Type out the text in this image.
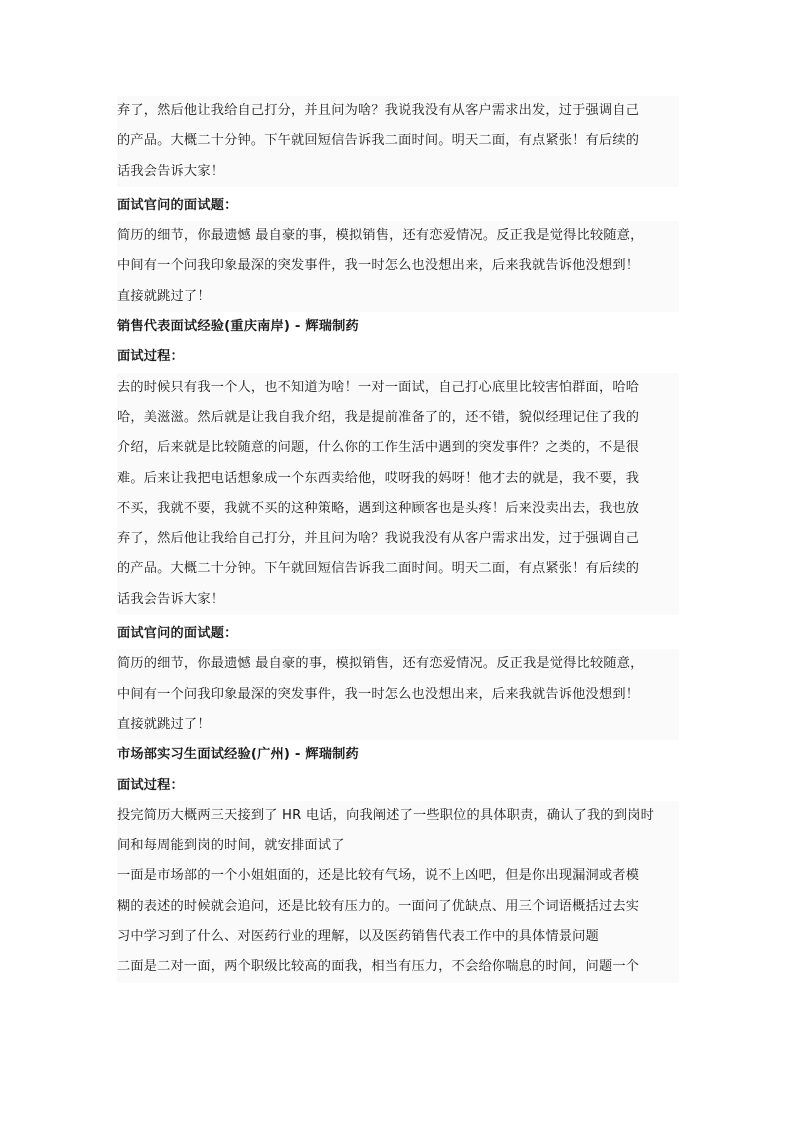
弃了，然后他让我给自己打分，并且问为啥？我说我没有从客户需求出发，过于强调自己
的产品。大概二十分钟。下午就回短信告诉我二面时间。明天二面，有点紧张！有后续的
话我会告诉大家！
面试官问的面试题：
简历的细节，你最遗憾 最自豪的事，模拟销售，还有恋爱情况。反正我是觉得比较随意，
中间有一个问我印象最深的突发事件，我一时怎么也没想出来，后来我就告诉他没想到！
直接就跳过了！
销售代表面试经验(重庆南岸) - 辉瑞制药
面试过程：
去的时候只有我一个人，也不知道为啥！一对一面试，自己打心底里比较害怕群面，哈哈
哈，美滋滋。然后就是让我自我介绍，我是提前准备了的，还不错，貌似经理记住了我的
介绍，后来就是比较随意的问题，什么你的工作生活中遇到的突发事件？之类的，不是很
难。后来让我把电话想象成一个东西卖给他，哎呀我的妈呀！他才去的就是，我不要，我
不买，我就不要，我就不买的这种策略，遇到这种顾客也是头疼！后来没卖出去，我也放
弃了，然后他让我给自己打分，并且问为啥？我说我没有从客户需求出发，过于强调自己
的产品。大概二十分钟。下午就回短信告诉我二面时间。明天二面，有点紧张！有后续的
话我会告诉大家！
面试官问的面试题：
简历的细节，你最遗憾 最自豪的事，模拟销售，还有恋爱情况。反正我是觉得比较随意，
中间有一个问我印象最深的突发事件，我一时怎么也没想出来，后来我就告诉他没想到！
直接就跳过了！
市场部实习生面试经验(广州) - 辉瑞制药
面试过程：
投完简历大概两三天接到了 HR 电话，向我阐述了一些职位的具体职责，确认了我的到岗时
间和每周能到岗的时间，就安排面试了
一面是市场部的一个小姐姐面的，还是比较有气场，说不上凶吧，但是你出现漏洞或者模
糊的表述的时候就会追问，还是比较有压力的。一面问了优缺点、用三个词语概括过去实
习中学习到了什么、对医药行业的理解，以及医药销售代表工作中的具体情景问题
二面是二对一面，两个职级比较高的面我，相当有压力，不会给你喘息的时间，问题一个
